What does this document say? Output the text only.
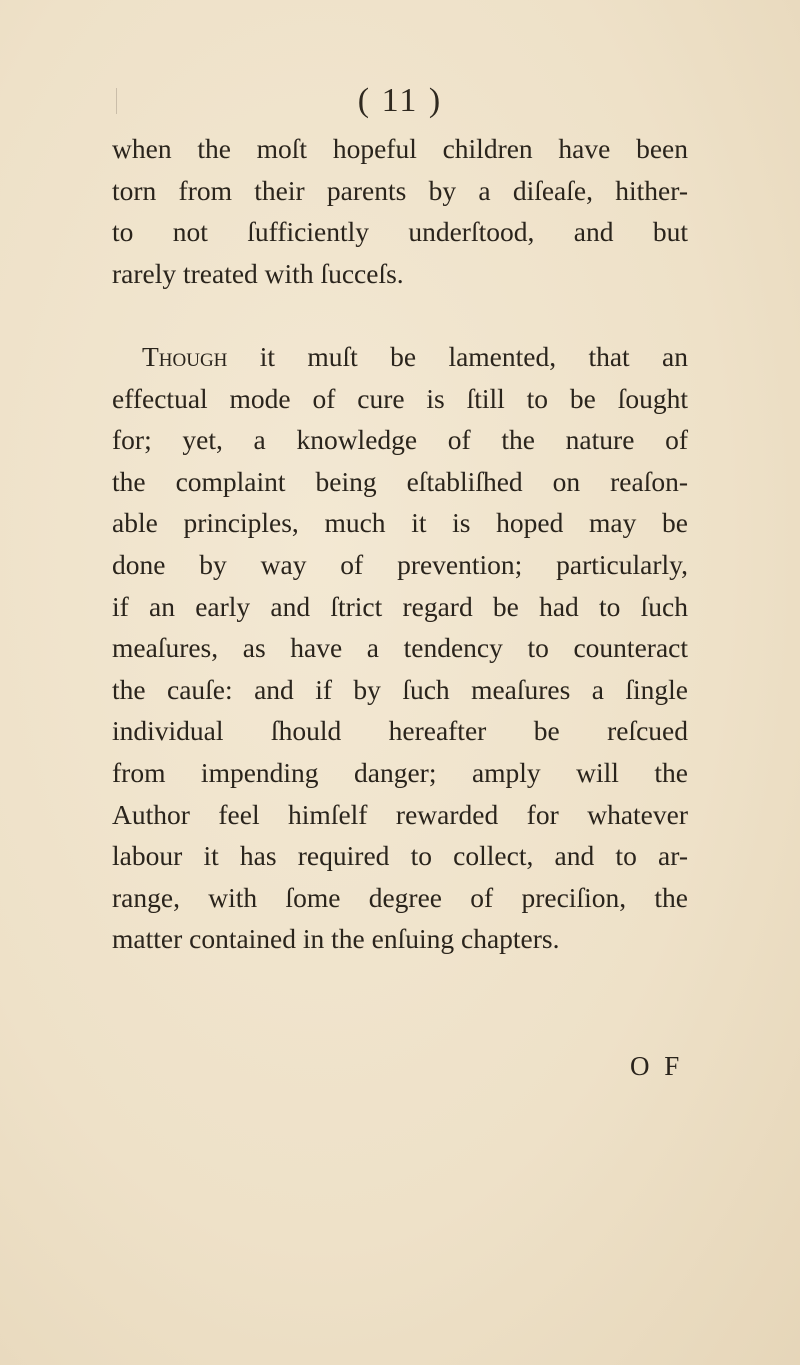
( 11 )
when the moſt hopeful children have been
torn from their parents by a diſeaſe, hither-
to not ſufficiently underſtood, and but
rarely treated with ſucceſs.
Though it muſt be lamented, that an
effectual mode of cure is ſtill to be ſought
for; yet, a knowledge of the nature of
the complaint being eſtabliſhed on reaſon-
able principles, much it is hoped may be
done by way of prevention; particularly,
if an early and ſtrict regard be had to ſuch
meaſures, as have a tendency to counteract
the cauſe: and if by ſuch meaſures a ſingle
individual ſhould hereafter be reſcued
from impending danger; amply will the
Author feel himſelf rewarded for whatever
labour it has required to collect, and to ar-
range, with ſome degree of preciſion, the
matter contained in the enſuing chapters.
O F
